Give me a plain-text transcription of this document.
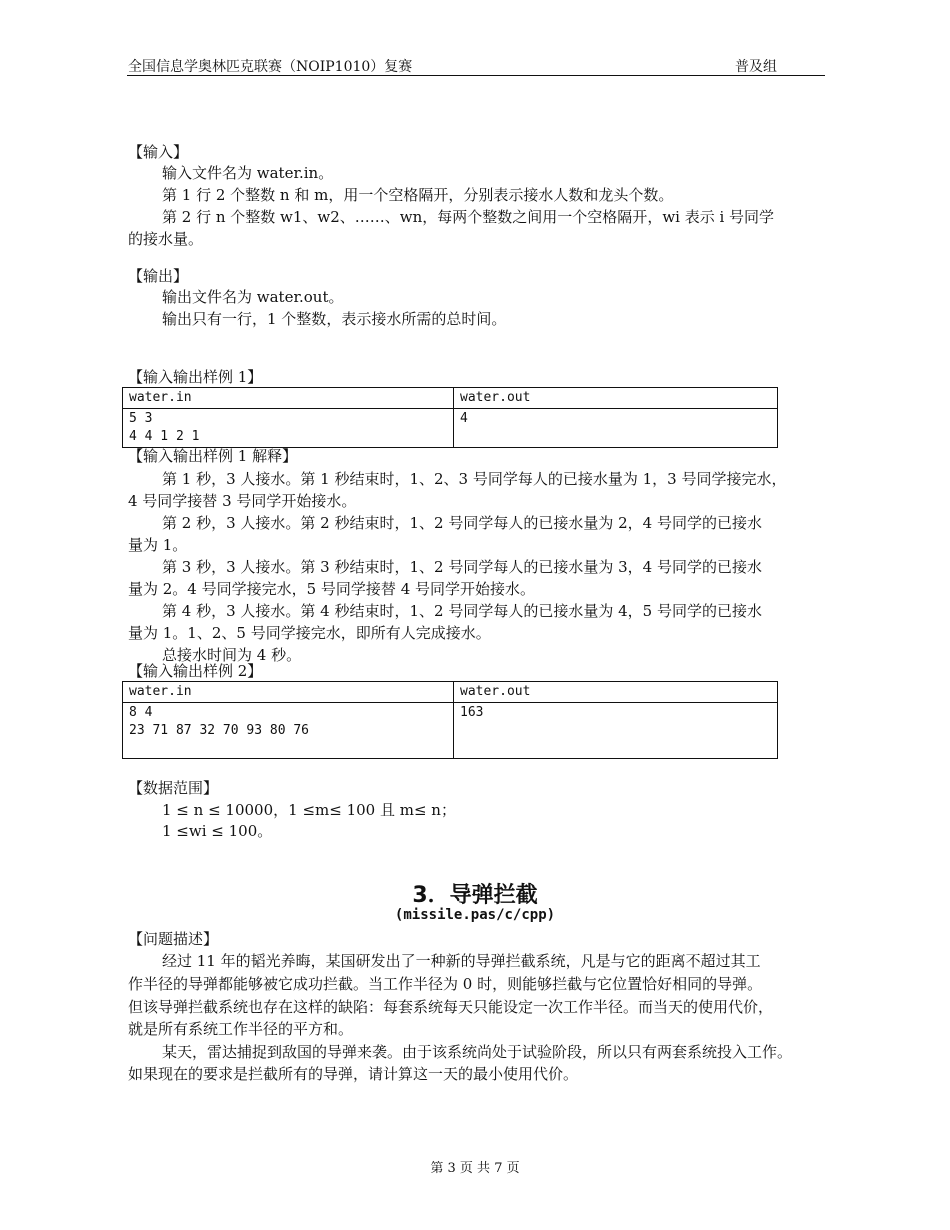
全国信息学奥林匹克联赛（NOIP1010）复赛	普及组
【输入】
输入文件名为 water.in。
第 1 行 2 个整数 n 和 m，用一个空格隔开，分别表示接水人数和龙头个数。
第 2 行 n 个整数 w1、w2、……、wn，每两个整数之间用一个空格隔开，wi 表示 i 号同学
的接水量。
【输出】
输出文件名为 water.out。
输出只有一行，1 个整数，表示接水所需的总时间。
【输入输出样例 1】
water.in	water.out

5 3
4 4 1 2 1	4
【输入输出样例 1 解释】
第 1 秒，3 人接水。第 1 秒结束时，1、2、3 号同学每人的已接水量为 1，3 号同学接完水，
4 号同学接替 3 号同学开始接水。
第 2 秒，3 人接水。第 2 秒结束时，1、2 号同学每人的已接水量为 2，4 号同学的已接水
量为 1。
第 3 秒，3 人接水。第 3 秒结束时，1、2 号同学每人的已接水量为 3，4 号同学的已接水
量为 2。4 号同学接完水，5 号同学接替 4 号同学开始接水。
第 4 秒，3 人接水。第 4 秒结束时，1、2 号同学每人的已接水量为 4，5 号同学的已接水
量为 1。1、2、5 号同学接完水，即所有人完成接水。
总接水时间为 4 秒。
【输入输出样例 2】
water.in	water.out

8 4
23 71 87 32 70 93 80 76	163
【数据范围】
1 ≤ n ≤ 10000，1 ≤m≤ 100 且 m≤ n；
1 ≤wi ≤ 100。
3．导弹拦截
(missile.pas/c/cpp)
【问题描述】
经过 11 年的韬光养晦，某国研发出了一种新的导弹拦截系统，凡是与它的距离不超过其工
作半径的导弹都能够被它成功拦截。当工作半径为 0 时，则能够拦截与它位置恰好相同的导弹。
但该导弹拦截系统也存在这样的缺陷：每套系统每天只能设定一次工作半径。而当天的使用代价，
就是所有系统工作半径的平方和。
某天，雷达捕捉到敌国的导弹来袭。由于该系统尚处于试验阶段，所以只有两套系统投入工作。
如果现在的要求是拦截所有的导弹，请计算这一天的最小使用代价。
第 3 页 共 7 页
